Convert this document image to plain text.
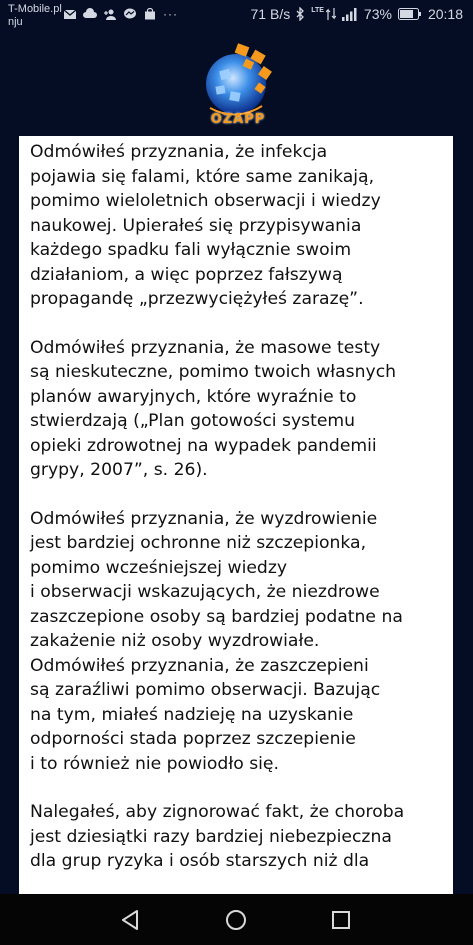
T-Mobile.pl
nju
···	71 B/s	LTE	73%	20:18
OZAPP

Odmówiłeś przyznania, że infekcja
pojawia się falami, które same zanikają,
pomimo wieloletnich obserwacji i wiedzy
naukowej. Upierałeś się przypisywania
każdego spadku fali wyłącznie swoim
działaniom, a więc poprzez fałszywą
propagandę „przezwyciężyłeś zarazę”.

Odmówiłeś przyznania, że masowe testy
są nieskuteczne, pomimo twoich własnych
planów awaryjnych, które wyraźnie to
stwierdzają („Plan gotowości systemu
opieki zdrowotnej na wypadek pandemii
grypy, 2007”, s. 26).

Odmówiłeś przyznania, że wyzdrowienie
jest bardziej ochronne niż szczepionka,
pomimo wcześniejszej wiedzy
i obserwacji wskazujących, że niezdrowe
zaszczepione osoby są bardziej podatne na
zakażenie niż osoby wyzdrowiałe.
Odmówiłeś przyznania, że zaszczepieni
są zaraźliwi pomimo obserwacji. Bazując
na tym, miałeś nadzieję na uzyskanie
odporności stada poprzez szczepienie
i to również nie powiodło się.

Nalegałeś, aby zignorować fakt, że choroba
jest dziesiątki razy bardziej niebezpieczna
dla grup ryzyka i osób starszych niż dla
